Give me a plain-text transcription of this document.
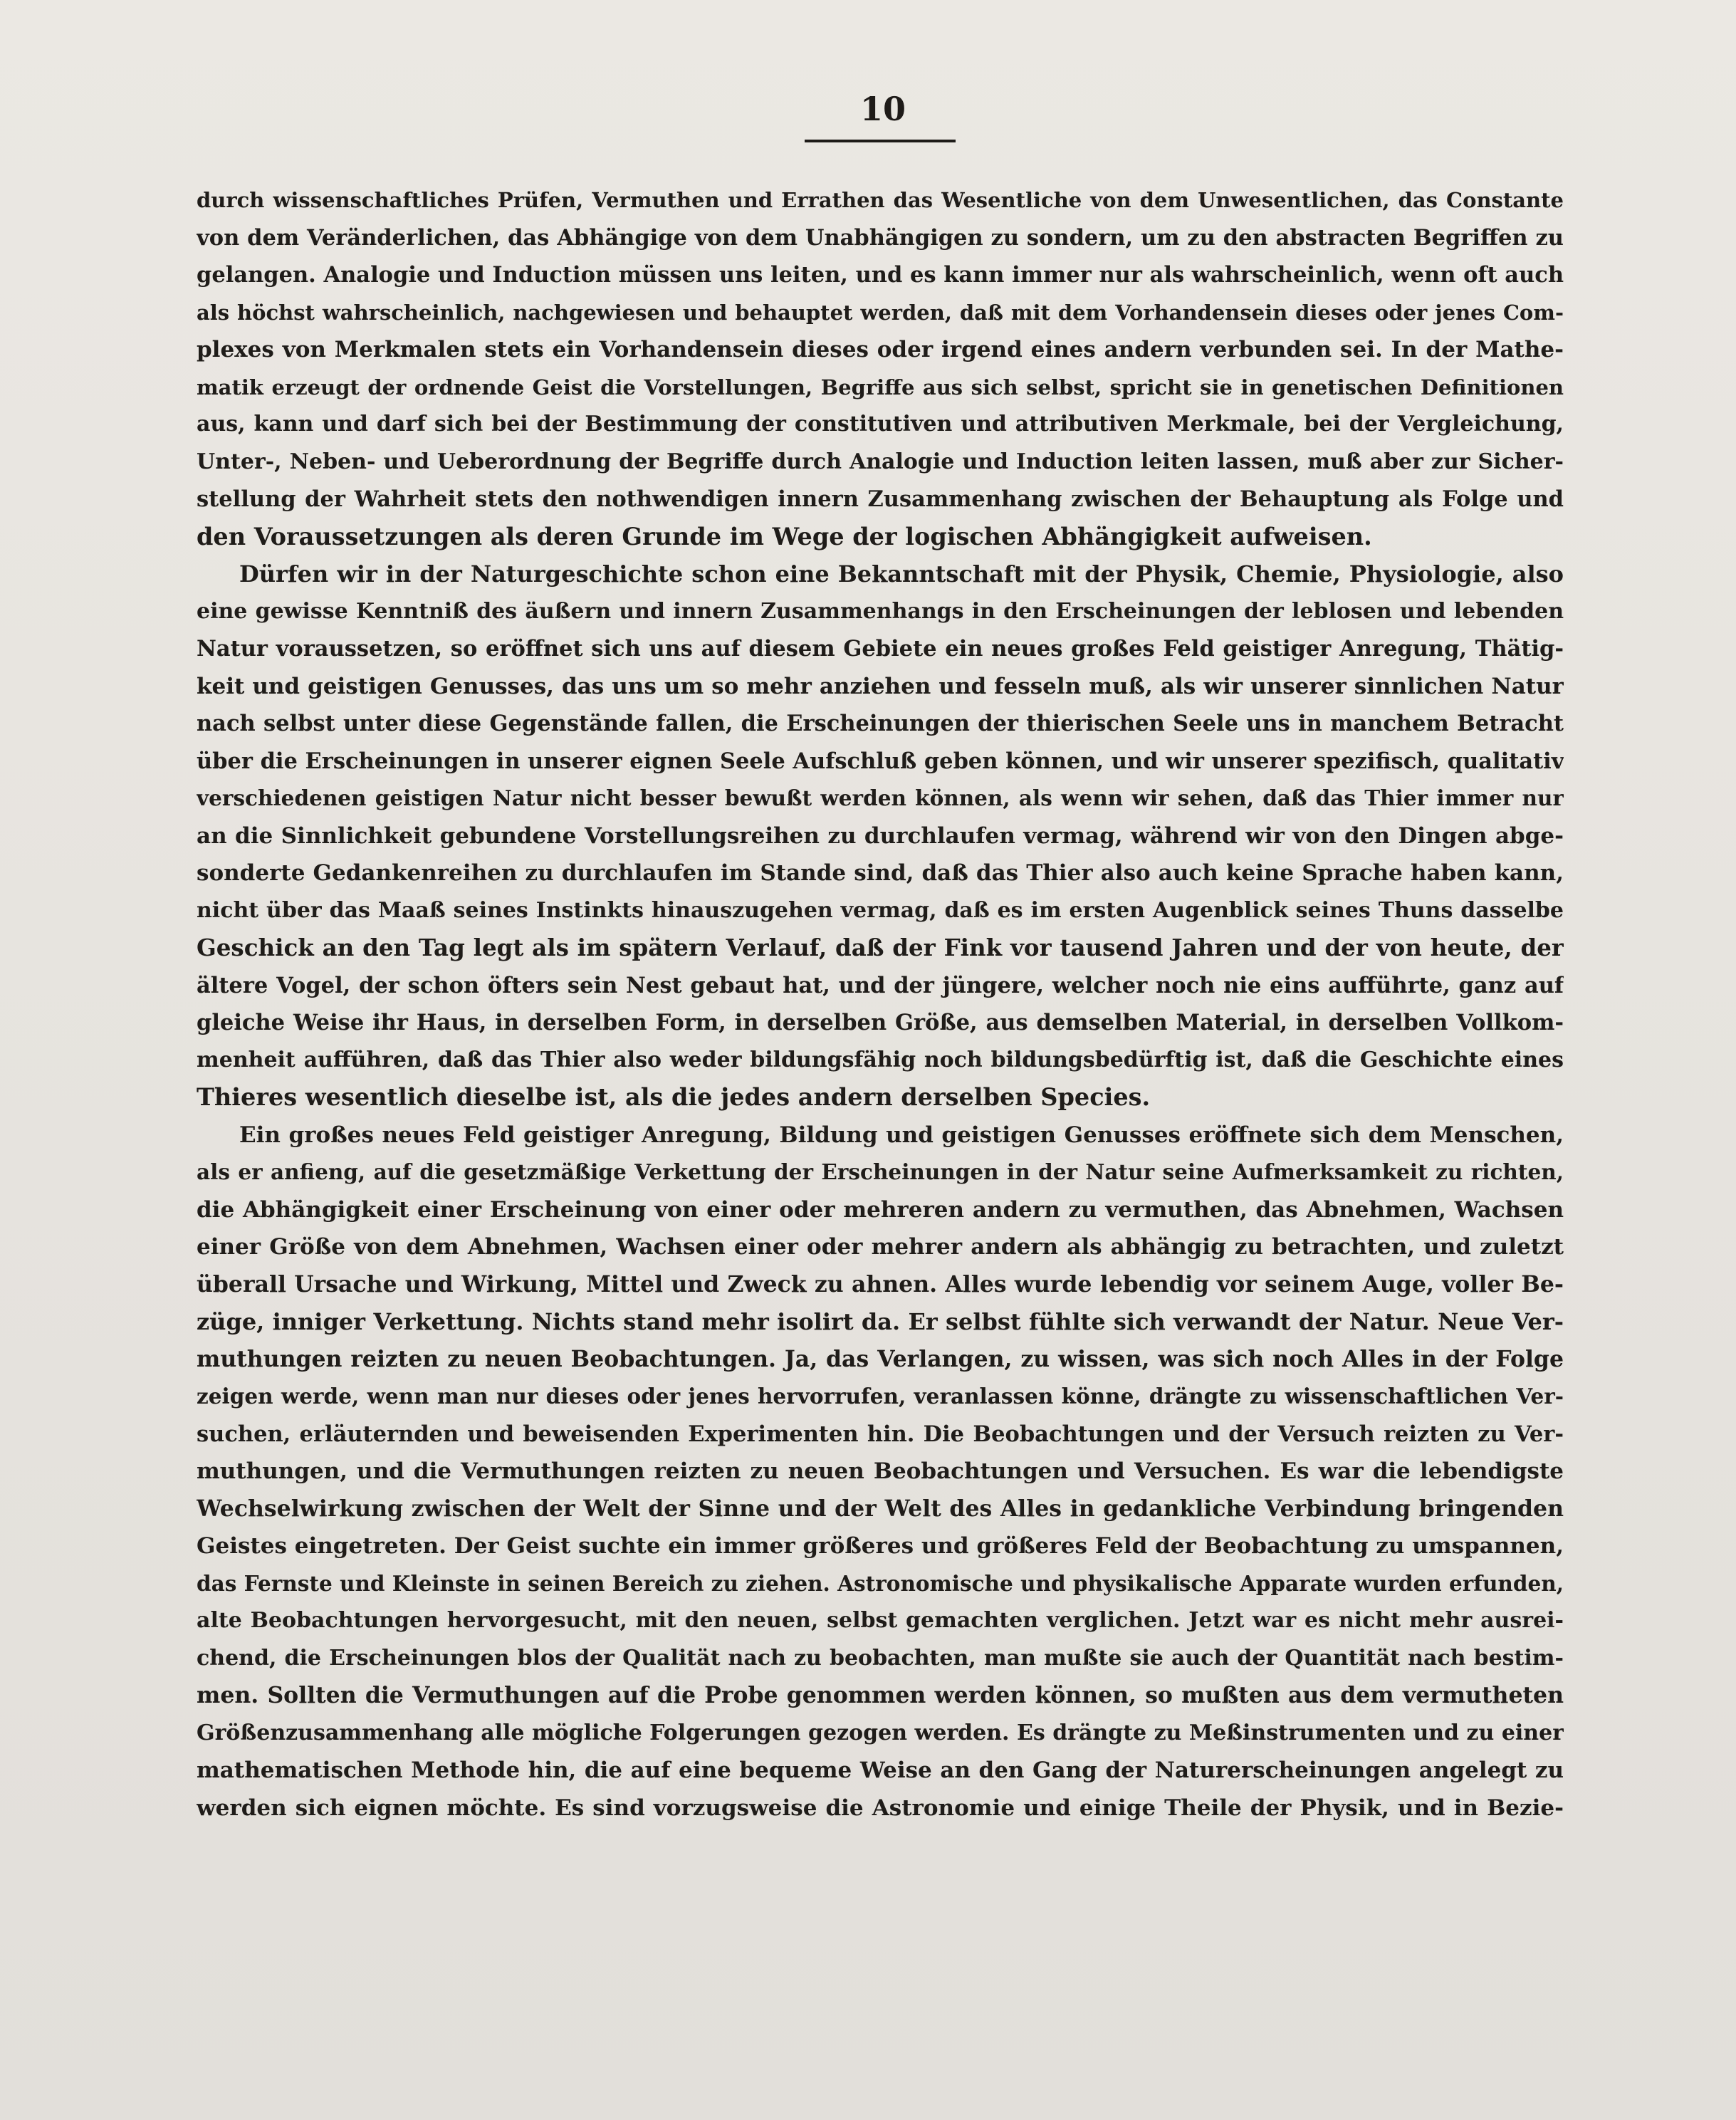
10

durch wissenschaftliches Prüfen, Vermuthen und Errathen das Wesentliche von dem Unwesentlichen, das Constante
von dem Veränderlichen, das Abhängige von dem Unabhängigen zu sondern, um zu den abstracten Begriffen zu
gelangen. Analogie und Induction müssen uns leiten, und es kann immer nur als wahrscheinlich, wenn oft auch
als höchst wahrscheinlich, nachgewiesen und behauptet werden, daß mit dem Vorhandensein dieses oder jenes Com-
plexes von Merkmalen stets ein Vorhandensein dieses oder irgend eines andern verbunden sei. In der Mathe-
matik erzeugt der ordnende Geist die Vorstellungen, Begriffe aus sich selbst, spricht sie in genetischen Definitionen
aus, kann und darf sich bei der Bestimmung der constitutiven und attributiven Merkmale, bei der Vergleichung,
Unter-, Neben- und Ueberordnung der Begriffe durch Analogie und Induction leiten lassen, muß aber zur Sicher-
stellung der Wahrheit stets den nothwendigen innern Zusammenhang zwischen der Behauptung als Folge und
den Voraussetzungen als deren Grunde im Wege der logischen Abhängigkeit aufweisen.

Dürfen wir in der Naturgeschichte schon eine Bekanntschaft mit der Physik, Chemie, Physiologie, also
eine gewisse Kenntniß des äußern und innern Zusammenhangs in den Erscheinungen der leblosen und lebenden
Natur voraussetzen, so eröffnet sich uns auf diesem Gebiete ein neues großes Feld geistiger Anregung, Thätig-
keit und geistigen Genusses, das uns um so mehr anziehen und fesseln muß, als wir unserer sinnlichen Natur
nach selbst unter diese Gegenstände fallen, die Erscheinungen der thierischen Seele uns in manchem Betracht
über die Erscheinungen in unserer eignen Seele Aufschluß geben können, und wir unserer spezifisch, qualitativ
verschiedenen geistigen Natur nicht besser bewußt werden können, als wenn wir sehen, daß das Thier immer nur
an die Sinnlichkeit gebundene Vorstellungsreihen zu durchlaufen vermag, während wir von den Dingen abge-
sonderte Gedankenreihen zu durchlaufen im Stande sind, daß das Thier also auch keine Sprache haben kann,
nicht über das Maaß seines Instinkts hinauszugehen vermag, daß es im ersten Augenblick seines Thuns dasselbe
Geschick an den Tag legt als im spätern Verlauf, daß der Fink vor tausend Jahren und der von heute, der
ältere Vogel, der schon öfters sein Nest gebaut hat, und der jüngere, welcher noch nie eins aufführte, ganz auf
gleiche Weise ihr Haus, in derselben Form, in derselben Größe, aus demselben Material, in derselben Vollkom-
menheit aufführen, daß das Thier also weder bildungsfähig noch bildungsbedürftig ist, daß die Geschichte eines
Thieres wesentlich dieselbe ist, als die jedes andern derselben Species.

Ein großes neues Feld geistiger Anregung, Bildung und geistigen Genusses eröffnete sich dem Menschen,
als er anfieng, auf die gesetzmäßige Verkettung der Erscheinungen in der Natur seine Aufmerksamkeit zu richten,
die Abhängigkeit einer Erscheinung von einer oder mehreren andern zu vermuthen, das Abnehmen, Wachsen
einer Größe von dem Abnehmen, Wachsen einer oder mehrer andern als abhängig zu betrachten, und zuletzt
überall Ursache und Wirkung, Mittel und Zweck zu ahnen. Alles wurde lebendig vor seinem Auge, voller Be-
züge, inniger Verkettung. Nichts stand mehr isolirt da. Er selbst fühlte sich verwandt der Natur. Neue Ver-
muthungen reizten zu neuen Beobachtungen. Ja, das Verlangen, zu wissen, was sich noch Alles in der Folge
zeigen werde, wenn man nur dieses oder jenes hervorrufen, veranlassen könne, drängte zu wissenschaftlichen Ver-
suchen, erläuternden und beweisenden Experimenten hin. Die Beobachtungen und der Versuch reizten zu Ver-
muthungen, und die Vermuthungen reizten zu neuen Beobachtungen und Versuchen. Es war die lebendigste
Wechselwirkung zwischen der Welt der Sinne und der Welt des Alles in gedankliche Verbindung bringenden
Geistes eingetreten. Der Geist suchte ein immer größeres und größeres Feld der Beobachtung zu umspannen,
das Fernste und Kleinste in seinen Bereich zu ziehen. Astronomische und physikalische Apparate wurden erfunden,
alte Beobachtungen hervorgesucht, mit den neuen, selbst gemachten verglichen. Jetzt war es nicht mehr ausrei-
chend, die Erscheinungen blos der Qualität nach zu beobachten, man mußte sie auch der Quantität nach bestim-
men. Sollten die Vermuthungen auf die Probe genommen werden können, so mußten aus dem vermutheten
Größenzusammenhang alle mögliche Folgerungen gezogen werden. Es drängte zu Meßinstrumenten und zu einer
mathematischen Methode hin, die auf eine bequeme Weise an den Gang der Naturerscheinungen angelegt zu
werden sich eignen möchte. Es sind vorzugsweise die Astronomie und einige Theile der Physik, und in Bezie-
